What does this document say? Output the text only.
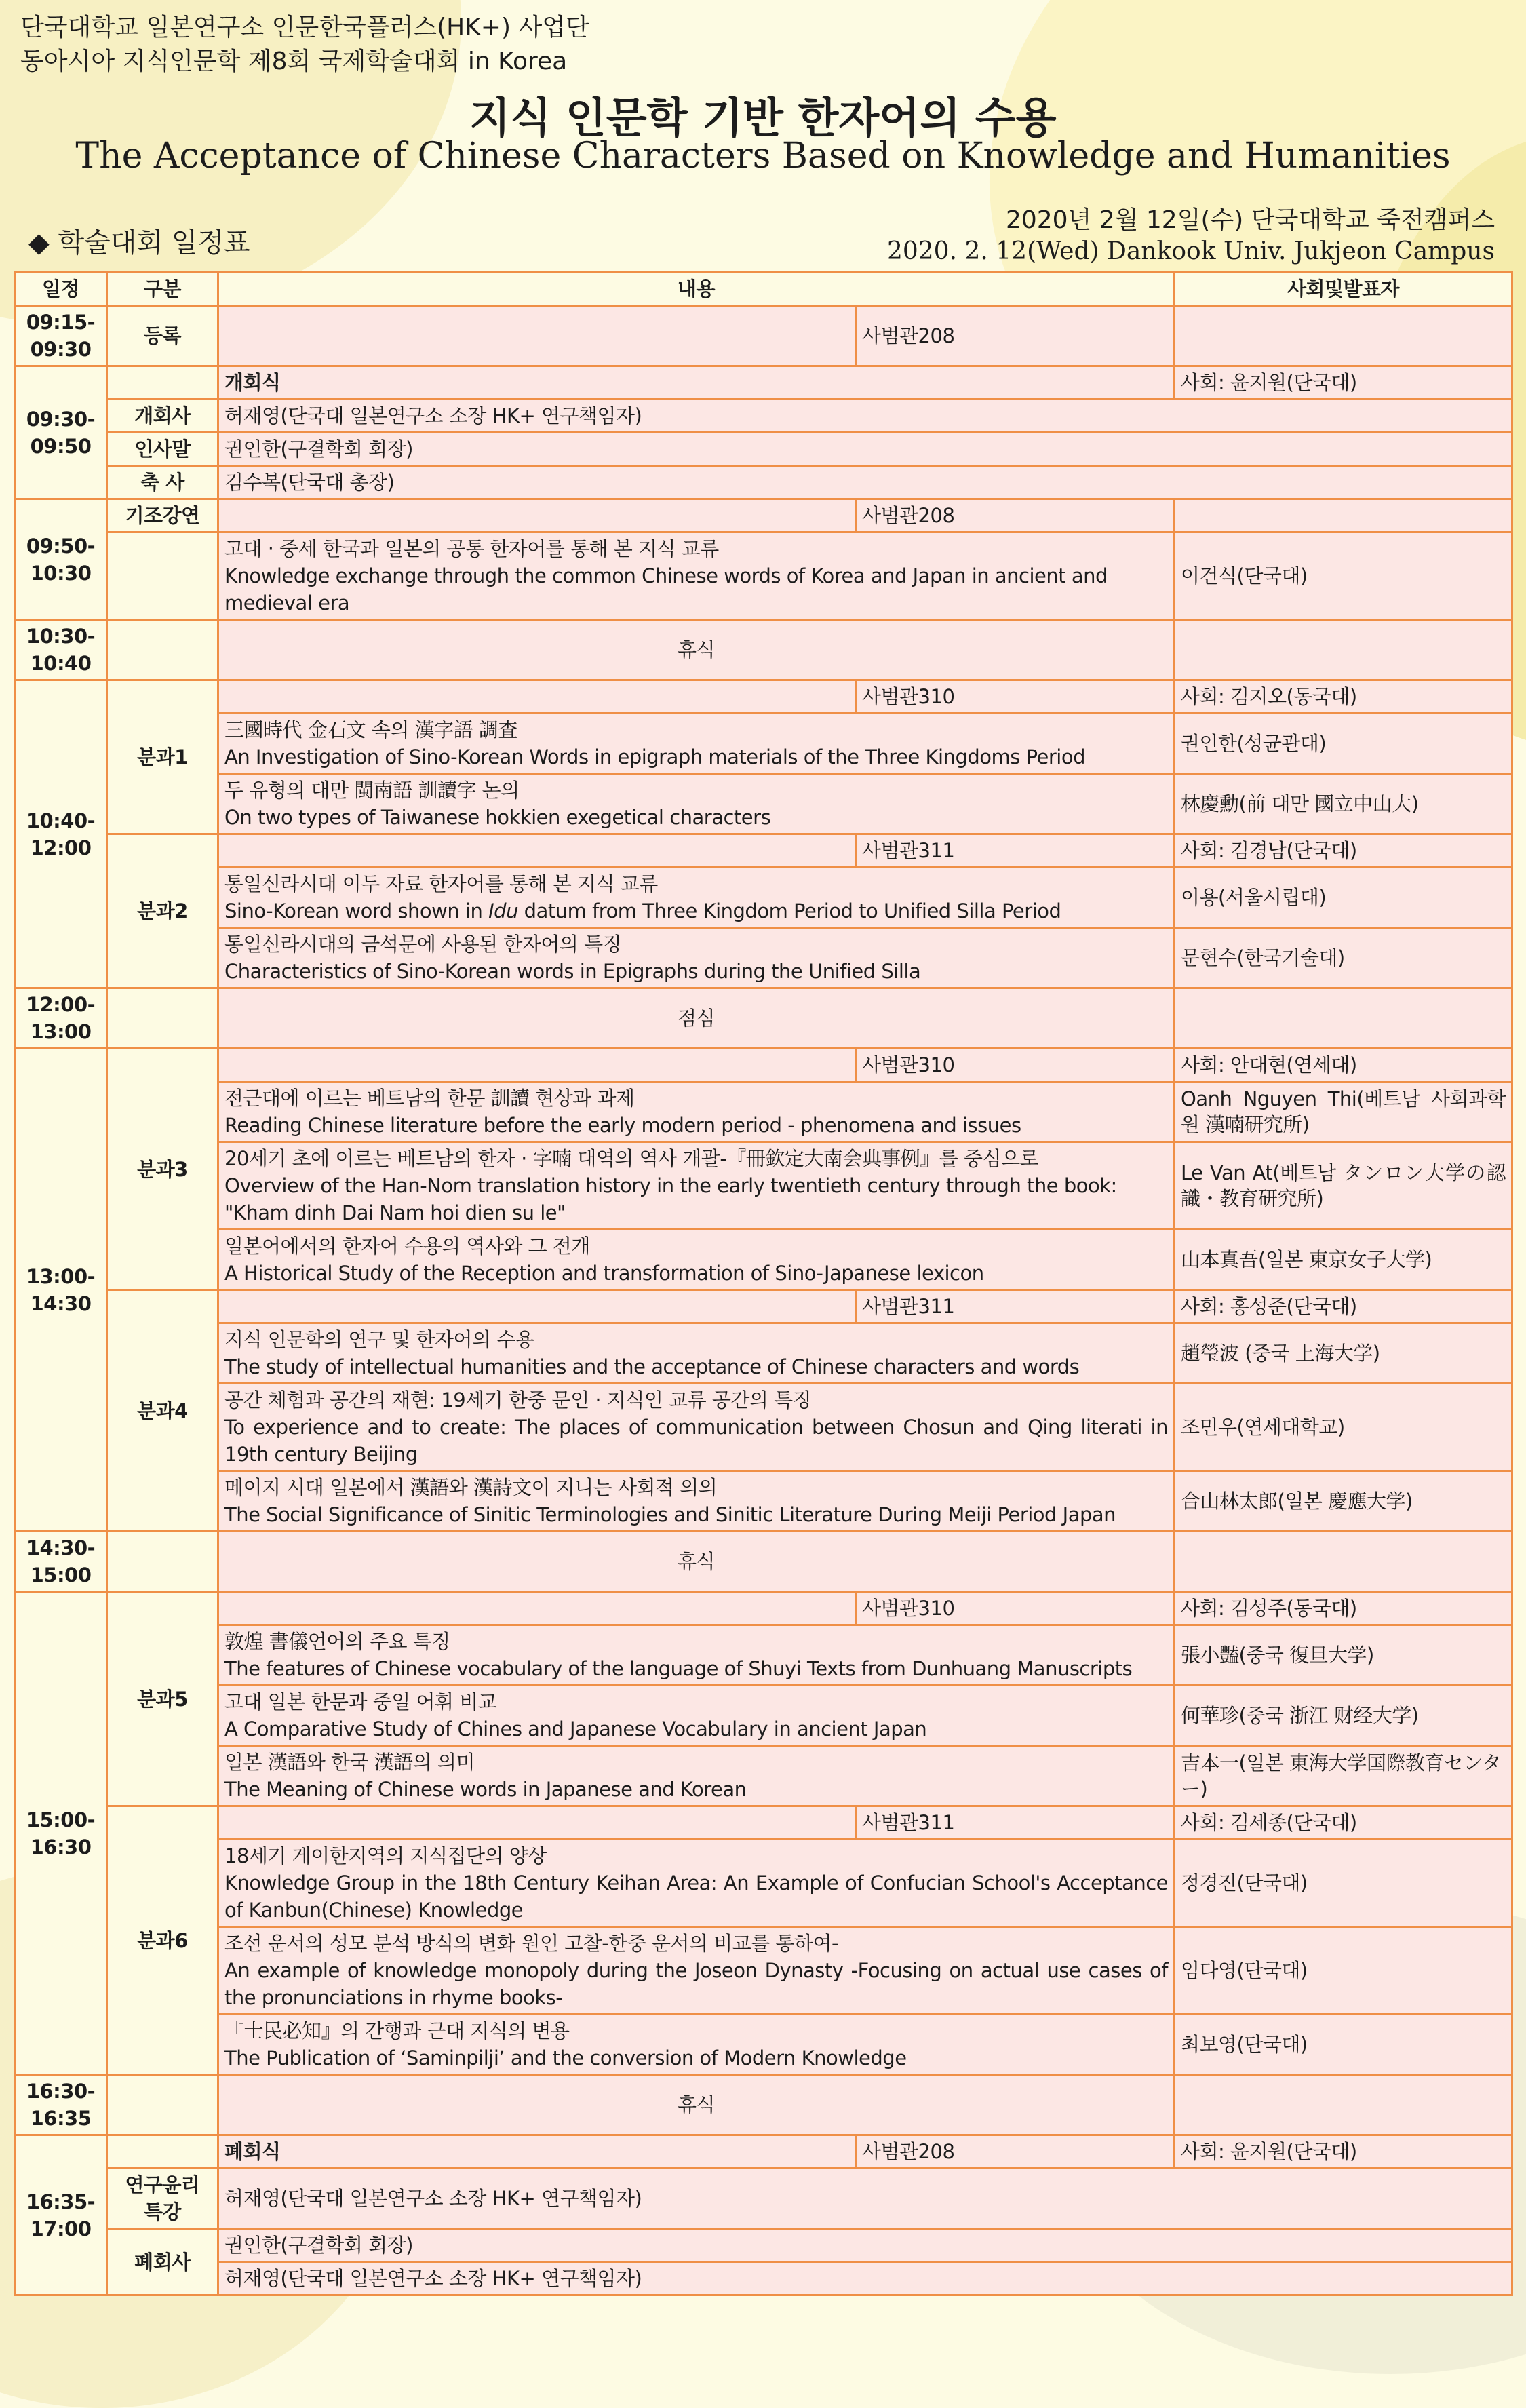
단국대학교 일본연구소 인문한국플러스(HK+) 사업단
동아시아 지식인문학 제8회 국제학술대회 in Korea
지식 인문학 기반 한자어의 수용
The Acceptance of Chinese Characters Based on Knowledge and Humanities
◆ 학술대회 일정표
2020년 2월 12일(수) 단국대학교 죽전캠퍼스
2020. 2. 12(Wed) Dankook Univ. Jukjeon Campus
일정	구분	내용		사회및발표자
09:15-
09:30	등록		사범관208	
09:30-
09:50		개회식		사회: 윤지원(단국대)
	개회사	허재영(단국대 일본연구소 소장 HK+ 연구책임자)		
	인사말	권인한(구결학회 회장)		
	축 사	김수복(단국대 총장)		
09:50-
10:30	기조강연		사범관208	

		고대 · 중세 한국과 일본의 공통 한자어를 통해 본 지식 교류
Knowledge exchange through the common Chinese words of Korea and Japan in ancient and medieval era		이건식(단국대)
10:30-
10:40		휴식		
10:40-
12:00	분과1		사범관310	사회: 김지오(동국대)

		三國時代 金石文 속의 漢字語 調査
An Investigation of Sino-Korean Words in epigraph materials of the Three Kingdoms Period		권인한(성균관대)

		두 유형의 대만 閩南語 訓讀字 논의
On two types of Taiwanese hokkien exegetical characters		林慶勳(前 대만 國立中山大)
	분과2		사범관311	사회: 김경남(단국대)

		통일신라시대 이두 자료 한자어를 통해 본 지식 교류
Sino-Korean word shown in Idu datum from Three Kingdom Period to Unified Silla Period		이용(서울시립대)

		통일신라시대의 금석문에 사용된 한자어의 특징
Characteristics of Sino-Korean words in Epigraphs during the Unified Silla		문현수(한국기술대)
12:00-
13:00		점심		
13:00-
14:30	분과3		사범관310	사회: 안대현(연세대)

		전근대에 이르는 베트남의 한문 訓讀 현상과 과제
Reading Chinese literature before the early modern period - phenomena and issues		Oanh Nguyen Thi(베트남 사회과학원 漢喃研究所)

		20세기 초에 이르는 베트남의 한자 · 字喃 대역의 역사 개괄-『冊欽定大南会典事例』를 중심으로
Overview of the Han-Nom translation history in the early twentieth century through the book: "Kham dinh Dai Nam hoi dien su le"		Le Van At(베트남 タンロン大学の認識・教育研究所)

		일본어에서의 한자어 수용의 역사와 그 전개
A Historical Study of the Reception and transformation of Sino-Japanese lexicon		山本真吾(일본 東京女子大学)
	분과4		사범관311	사회: 홍성준(단국대)

		지식 인문학의 연구 및 한자어의 수용
The study of intellectual humanities and the acceptance of Chinese characters and words		趙瑩波 (중국 上海大学)

		공간 체험과 공간의 재현: 19세기 한중 문인 · 지식인 교류 공간의 특징
To experience and to create: The places of communication between Chosun and Qing literati in 19th century Beijing		조민우(연세대학교)

		메이지 시대 일본에서 漢語와 漢詩文이 지니는 사회적 의의
The Social Significance of Sinitic Terminologies and Sinitic Literature During Meiji Period Japan		合山林太郎(일본 慶應大学)
14:30-
15:00		휴식		
15:00-
16:30	분과5		사범관310	사회: 김성주(동국대)

		敦煌 書儀언어의 주요 특징
The features of Chinese vocabulary of the language of Shuyi Texts from Dunhuang Manuscripts		張小豔(중국 復旦大学)

		고대 일본 한문과 중일 어휘 비교
A Comparative Study of Chines and Japanese Vocabulary in ancient Japan		何華珍(중국 浙江 财经大学)

		일본 漢語와 한국 漢語의 의미
The Meaning of Chinese words in Japanese and Korean		吉本一(일본 東海大学国際教育センター)
	분과6		사범관311	사회: 김세종(단국대)

		18세기 게이한지역의 지식집단의 양상
Knowledge Group in the 18th Century Keihan Area: An Example of Confucian School's Acceptance of Kanbun(Chinese) Knowledge		정경진(단국대)

		조선 운서의 성모 분석 방식의 변화 원인 고찰-한중 운서의 비교를 통하여-
An example of knowledge monopoly during the Joseon Dynasty -Focusing on actual use cases of the pronunciations in rhyme books-		임다영(단국대)

		『士民必知』의 간행과 근대 지식의 변용
The Publication of ‘Saminpilji’ and the conversion of Modern Knowledge		최보영(단국대)
16:30-
16:35		휴식		
16:35-
17:00		폐회식	사범관208	사회: 윤지원(단국대)
	연구윤리
특강	허재영(단국대 일본연구소 소장 HK+ 연구책임자)		
	폐회사	권인한(구결학회 회장)		
		허재영(단국대 일본연구소 소장 HK+ 연구책임자)		
